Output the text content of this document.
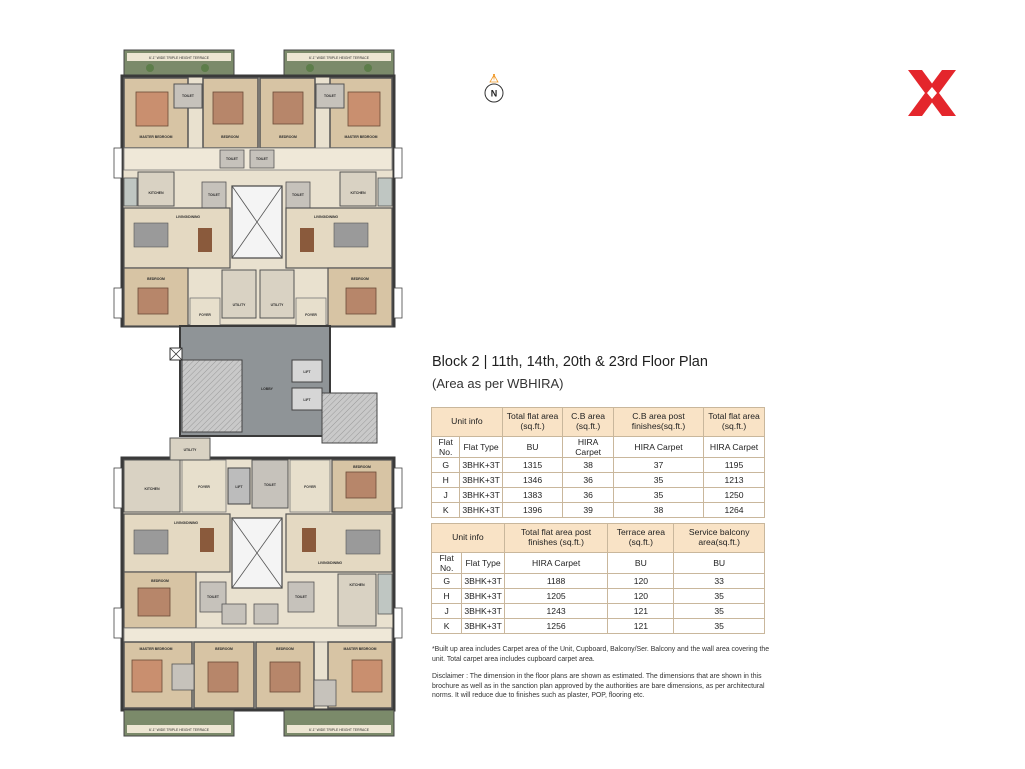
6'-1" WIDE TRIPLE HEIGHT TERRACE	6'-1" WIDE TRIPLE HEIGHT TERRACE
MASTER BEDROOM	MASTER BEDROOM
BEDROOM	BEDROOM
TOILET	TOILET
TOILET	TOILET
KITCHEN	KITCHEN
TOILET	TOILET
LIVING/DINING	LIVING/DINING
BEDROOM	BEDROOM
UTILITY	UTILITY
FOYER	FOYER
LIFT
LIFT
LOBBY
KITCHEN	FOYER	LIFT	TOILET	FOYER
BEDROOM
UTILITY
LIVING/DINING
LIVING/DINING
BEDROOM
KITCHEN
TOILET	TOILET
MASTER BEDROOM	MASTER BEDROOM
BEDROOM	BEDROOM
6'-1" WIDE TRIPLE HEIGHT TERRACE	6'-1" WIDE TRIPLE HEIGHT TERRACE
N
Block 2 | 11th, 14th, 20th & 23rd Floor Plan
(Area as per WBHIRA)
Unit info		Total flat area (sq.ft.)	C.B area (sq.ft.)	C.B area post finishes(sq.ft.)	Total flat area (sq.ft.)
Flat No.	Flat Type	BU	HIRA Carpet	HIRA Carpet	HIRA Carpet
G	3BHK+3T	1315	38	37	1195
H	3BHK+3T	1346	36	35	1213
J	3BHK+3T	1383	36	35	1250
K	3BHK+3T	1396	39	38	1264
Unit info		Total flat area post finishes (sq.ft.)	Terrace area (sq.ft.)	Service balcony area(sq.ft.)
Flat No.	Flat Type	HIRA Carpet	BU	BU
G	3BHK+3T	1188	120	33
H	3BHK+3T	1205	120	35
J	3BHK+3T	1243	121	35
K	3BHK+3T	1256	121	35
*Built up area includes Carpet area of the Unit, Cupboard, Balcony/Ser. Balcony and the wall area covering the unit. Total carpet area includes cupboard carpet area.
Disclaimer : The dimension in the floor plans are shown as estimated. The dimensions that are shown in this brochure as well as in the sanction plan approved by the authorities are bare dimensions, as per architectural norms. It will reduce due to finishes such as plaster, POP, flooring etc.
